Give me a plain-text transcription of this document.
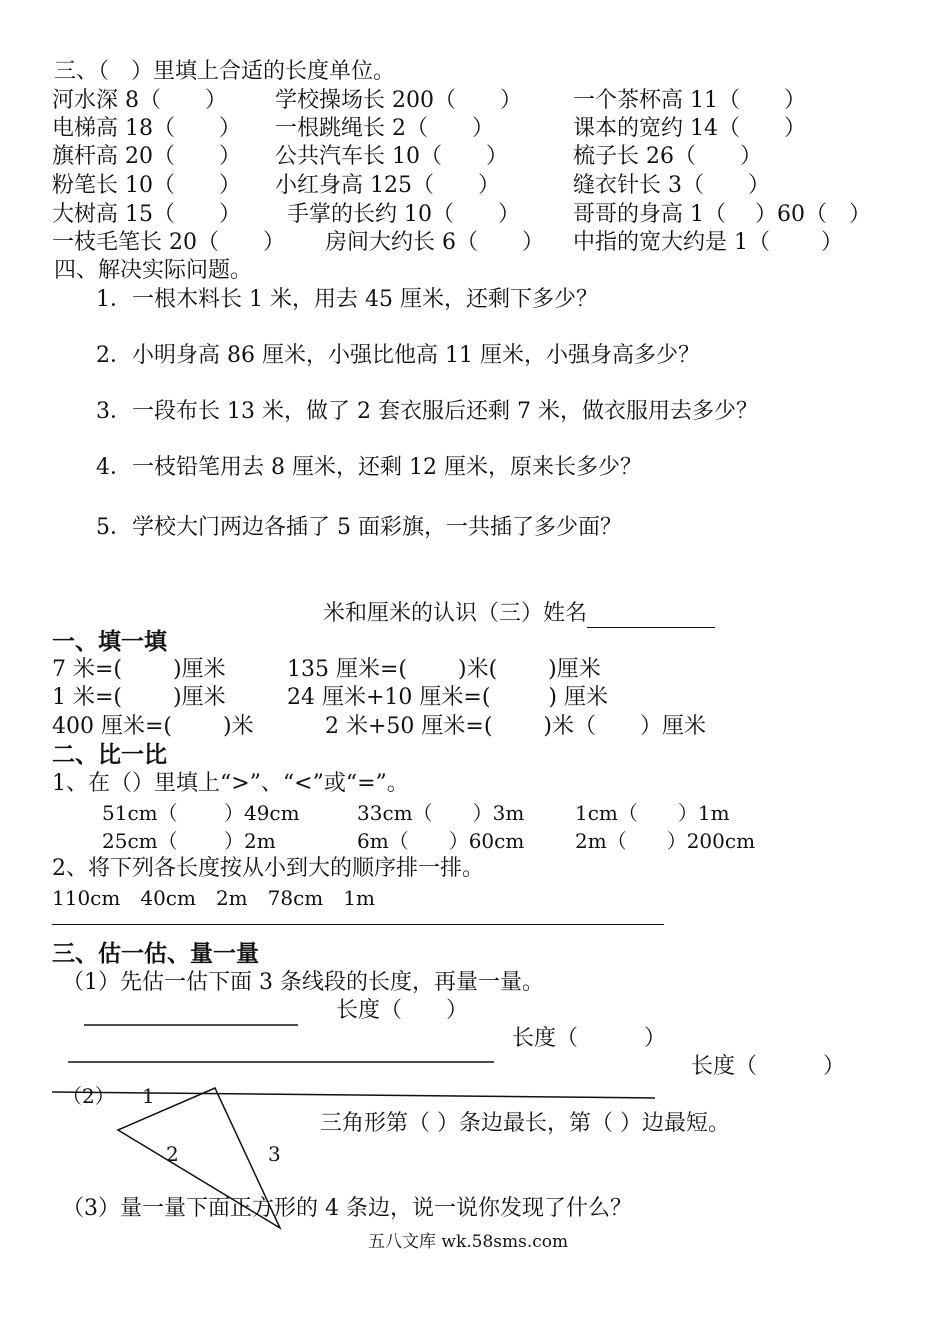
三、（　）里填上合适的长度单位。
河水深 8（　　） 学校操场长 200（　　） 一个茶杯高 11（　　）
电梯高 18（　　） 一根跳绳长 2（　　）	课本的宽约 14（　　）
旗杆高 20（　　） 公共汽车长 10（　　）	梳子长 26（　　）
粉笔长 10（　　） 小红身高 125（　　）	缝衣针长 3（　　）
大树高 15（　　） 手掌的长约 10（　　） 哥哥的身高 1（　 ）60（　）
一枝毛笔长 20（　　） 房间大约长 6（　　） 中指的宽大约是 1（　　 ）
四、解决实际问题。
1．一根木料长 1 米，用去 45 厘米，还剩下多少？
2．小明身高 86 厘米，小强比他高 11 厘米，小强身高多少？
3．一段布长 13 米，做了 2 套衣服后还剩 7 米，做衣服用去多少？
4．一枝铅笔用去 8 厘米，还剩 12 厘米，原来长多少？
5．学校大门两边各插了 5 面彩旗，一共插了多少面？
米和厘米的认识（三）姓名
一、填一填
7 米=(　　 )厘米	135 厘米=(　　 )米(　　 )厘米
1 米=(　　 )厘米	24 厘米+10 厘米=(　　  ) 厘米
400 厘米=(　　 )米	2 米+50 厘米=(　　 )米（　　）厘米
二、比一比
1、在（）里填上“>”、“<”或“=”。
51cm（　　 ）49cm	33cm（　　）3m	1cm（　　）1m
25cm（　　 ）2m	6m（　　）60cm	2m（　　）200cm
2、将下列各长度按从小到大的顺序排一排。
110cm　40cm　2m　78cm　1m
三、估一估、量一量
（1）先估一估下面 3 条线段的长度，再量一量。
长度（　　）
长度（　　　）
长度（　　　）
（2） 1
2	3
三角形第（ ）条边最长，第（ ）边最短。
（3）量一量下面正方形的 4 条边，说一说你发现了什么？
五八文库 wk.58sms.com
